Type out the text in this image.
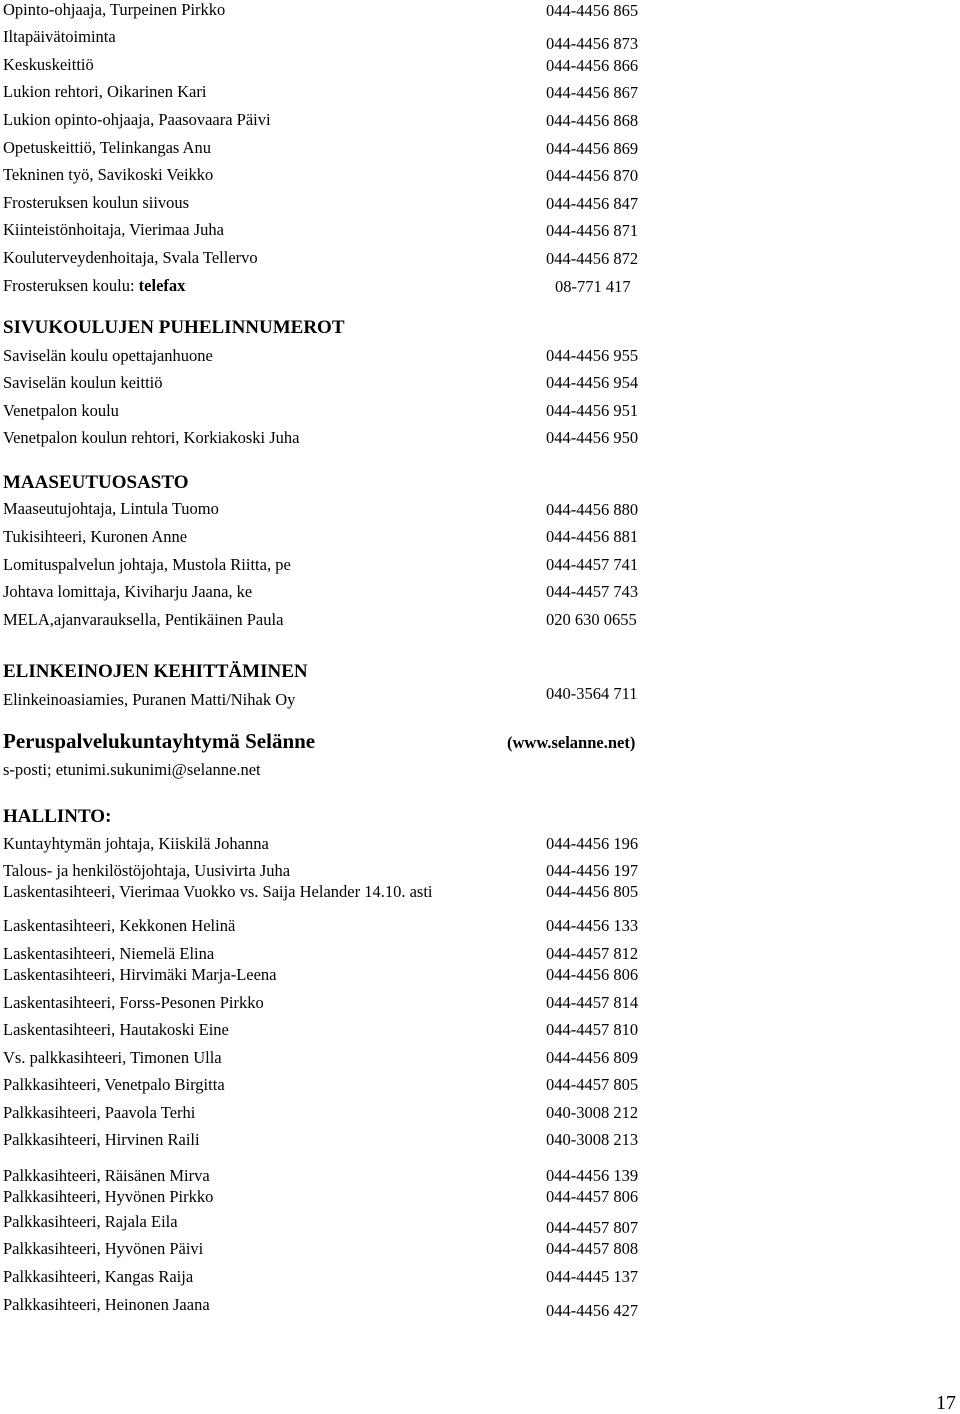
Opinto-ohjaaja, Turpeinen Pirkko	044-4456 865
Iltapäivätoiminta	044-4456 873
Keskuskeittiö	044-4456 866
Lukion rehtori, Oikarinen Kari	044-4456 867
Lukion opinto-ohjaaja, Paasovaara Päivi	044-4456 868
Opetuskeittiö, Telinkangas Anu	044-4456 869
Tekninen työ, Savikoski Veikko	044-4456 870
Frosteruksen koulun siivous	044-4456 847
Kiinteistönhoitaja, Vierimaa Juha	044-4456 871
Kouluterveydenhoitaja, Svala Tellervo	044-4456 872
Frosteruksen koulu: telefax	08-771 417
SIVUKOULUJEN PUHELINNUMEROT
Saviselän koulu opettajanhuone	044-4456 955
Saviselän koulun keittiö	044-4456 954
Venetpalon koulu	044-4456 951
Venetpalon koulun rehtori, Korkiakoski Juha	044-4456 950
MAASEUTUOSASTO
Maaseutujohtaja, Lintula Tuomo	044-4456 880
Tukisihteeri, Kuronen Anne	044-4456 881
Lomituspalvelun johtaja, Mustola Riitta, pe	044-4457 741
Johtava lomittaja, Kiviharju Jaana, ke	044-4457 743
MELA,ajanvarauksella, Pentikäinen Paula	020 630 0655
ELINKEINOJEN KEHITTÄMINEN
Elinkeinoasiamies, Puranen Matti/Nihak Oy	040-3564 711
Peruspalvelukuntayhtymä Selänne	(www.selanne.net)
s-posti; etunimi.sukunimi@selanne.net
HALLINTO:
Kuntayhtymän johtaja, Kiiskilä Johanna	044-4456 196
Talous- ja henkilöstöjohtaja, Uusivirta Juha	044-4456 197
Laskentasihteeri, Vierimaa Vuokko vs. Saija Helander 14.10. asti	044-4456 805
Laskentasihteeri, Kekkonen Helinä	044-4456 133
Laskentasihteeri, Niemelä Elina	044-4457 812
Laskentasihteeri, Hirvimäki Marja-Leena	044-4456 806
Laskentasihteeri, Forss-Pesonen Pirkko	044-4457 814
Laskentasihteeri, Hautakoski Eine	044-4457 810
Vs. palkkasihteeri, Timonen Ulla	044-4456 809
Palkkasihteeri, Venetpalo Birgitta	044-4457 805
Palkkasihteeri, Paavola Terhi	040-3008 212
Palkkasihteeri, Hirvinen Raili	040-3008 213
Palkkasihteeri, Räisänen Mirva	044-4456 139
Palkkasihteeri, Hyvönen Pirkko	044-4457 806
Palkkasihteeri, Rajala Eila	044-4457 807
Palkkasihteeri, Hyvönen Päivi	044-4457 808
Palkkasihteeri, Kangas Raija	044-4445 137
Palkkasihteeri, Heinonen Jaana	044-4456 427
17
